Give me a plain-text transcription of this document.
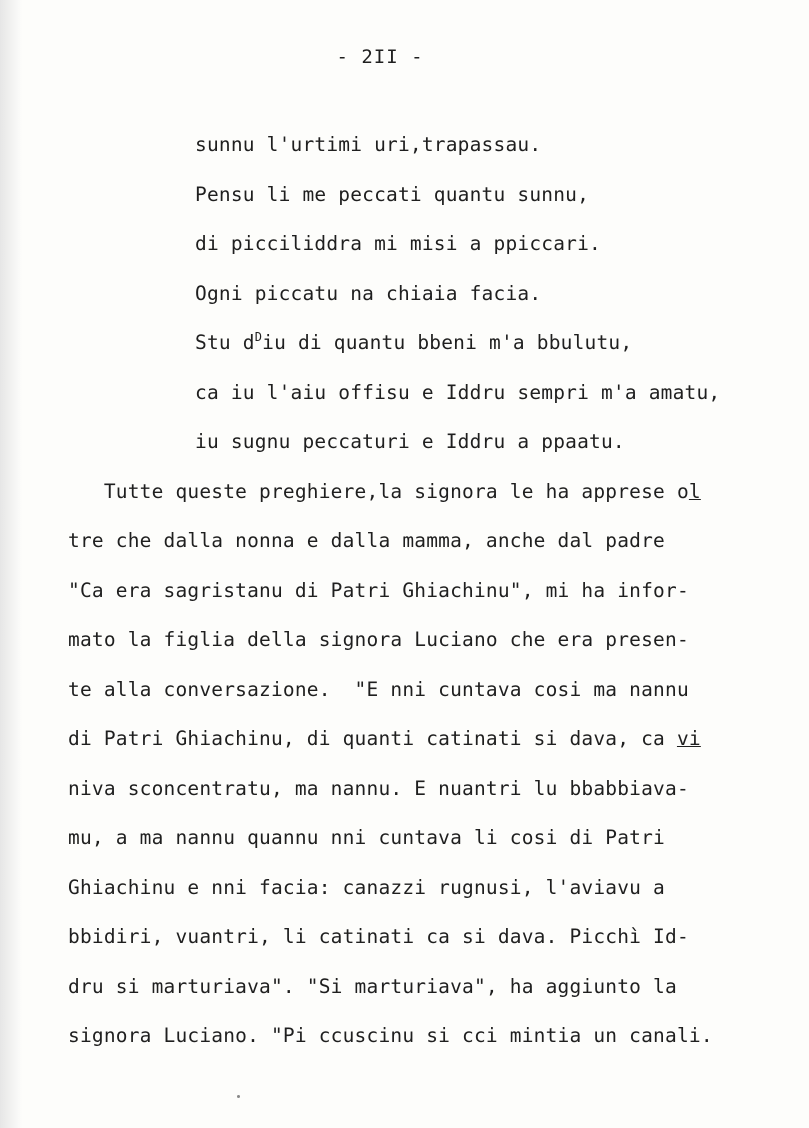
- 2II -
sunnu l'urtimi uri,trapassau.
Pensu li me peccati quantu sunnu,
di picciliddra mi misi a ppiccari.
Ogni piccatu na chiaia facia.
Stu $d^Diu$ di quantu bbeni m'a bbulutu,
ca iu l'aiu offisu e Iddru sempri m'a amatu,
iu sugnu peccaturi e Iddru a ppaatu.
Tutte queste preghiere,la signora le ha apprese ol
tre che dalla nonna e dalla mamma, anche dal padre
"Ca era sagristanu di Patri Ghiachinu", mi ha infor-
mato la figlia della signora Luciano che era presen-
te alla conversazione.  "E nni cuntava cosi ma nannu
di Patri Ghiachinu, di quanti catinati si dava, ca vi
niva sconcentratu, ma nannu. E nuantri lu bbabbiava-
mu, a ma nannu quannu nni cuntava li cosi di Patri
Ghiachinu e nni facia: canazzi rugnusi, l'aviavu a
bbidiri, vuantri, li catinati ca si dava. Picchì Id-
dru si marturiava". "Si marturiava", ha aggiunto la
signora Luciano. "Pi ccuscinu si cci mintia un canali.
